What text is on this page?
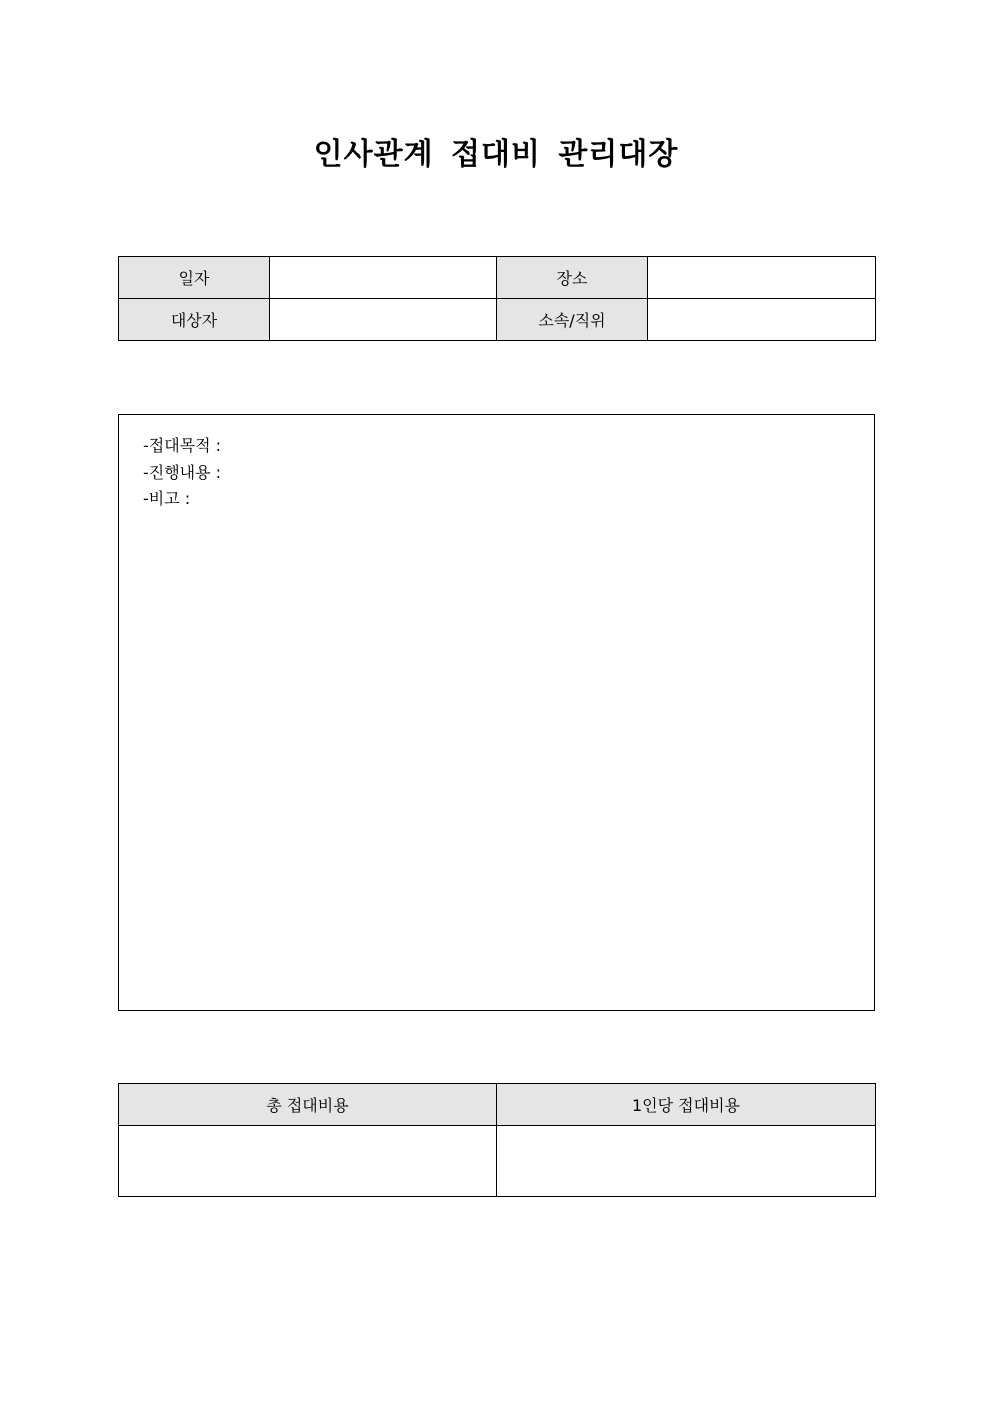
인사관계 접대비 관리대장
일자		장소	
대상자		소속/직위	
-접대목적 :
-진행내용 :
-비고 :
총 접대비용	1인당 접대비용
